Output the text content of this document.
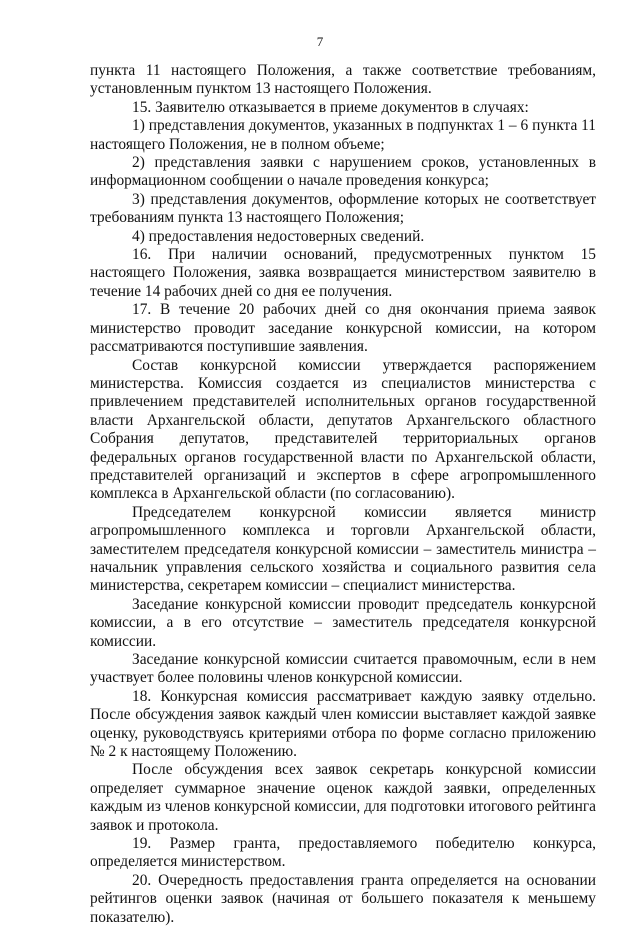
7

пункта 11 настоящего Положения, а также соответствие требованиям, установленным пунктом 13 настоящего Положения.

15. Заявителю отказывается в приеме документов в случаях:

1) представления документов, указанных в подпунктах 1 – 6 пункта 11 настоящего Положения, не в полном объеме;

2) представления заявки с нарушением сроков, установленных в информационном сообщении о начале проведения конкурса;

3) представления документов, оформление которых не соответствует требованиям пункта 13 настоящего Положения;

4) предоставления недостоверных сведений.

16. При наличии оснований, предусмотренных пунктом 15 настоящего Положения, заявка возвращается министерством заявителю в течение 14 рабочих дней со дня ее получения.

17. В течение 20 рабочих дней со дня окончания приема заявок министерство проводит заседание конкурсной комиссии, на котором рассматриваются поступившие заявления.

Состав конкурсной комиссии утверждается распоряжением министерства. Комиссия создается из специалистов министерства с привлечением представителей исполнительных органов государственной власти Архангельской области, депутатов Архангельского областного Собрания депутатов, представителей территориальных органов федеральных органов государственной власти по Архангельской области, представителей организаций и экспертов в сфере агропромышленного комплекса в Архангельской области (по согласованию).

Председателем конкурсной комиссии является министр агропромышленного комплекса и торговли Архангельской области, заместителем председателя конкурсной комиссии – заместитель министра – начальник управления сельского хозяйства и социального развития села министерства, секретарем комиссии – специалист министерства.

Заседание конкурсной комиссии проводит председатель конкурсной комиссии, а в его отсутствие – заместитель председателя конкурсной комиссии.

Заседание конкурсной комиссии считается правомочным, если в нем участвует более половины членов конкурсной комиссии.

18. Конкурсная комиссия рассматривает каждую заявку отдельно. После обсуждения заявок каждый член комиссии выставляет каждой заявке оценку, руководствуясь критериями отбора по форме согласно приложению № 2 к настоящему Положению.

После обсуждения всех заявок секретарь конкурсной комиссии определяет суммарное значение оценок каждой заявки, определенных каждым из членов конкурсной комиссии, для подготовки итогового рейтинга заявок и протокола.

19. Размер гранта, предоставляемого победителю конкурса, определяется министерством.

20. Очередность предоставления гранта определяется на основании рейтингов оценки заявок (начиная от большего показателя к меньшему показателю).
